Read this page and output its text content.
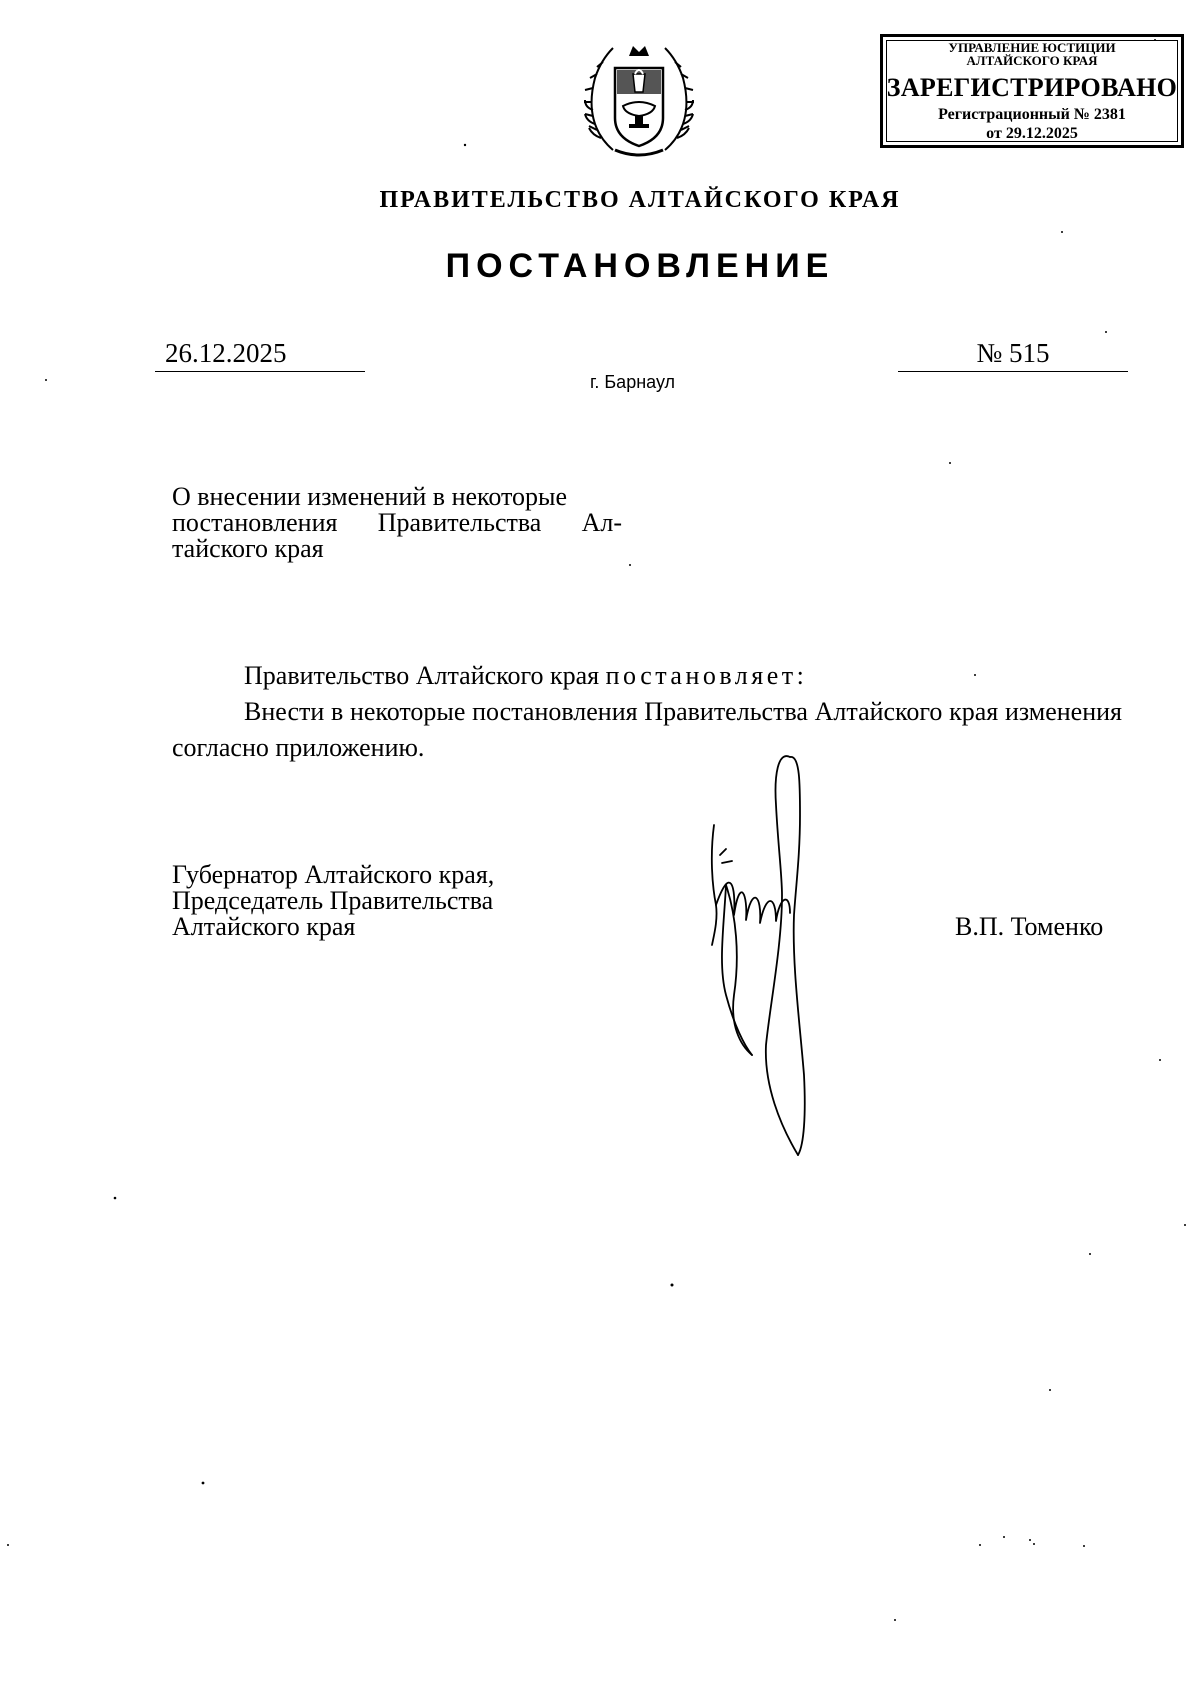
УПРАВЛЕНИЕ ЮСТИЦИИ
АЛТАЙСКОГО КРАЯ
ЗАРЕГИСТРИРОВАНО
Регистрационный № 2381
от 29.12.2025
ПРАВИТЕЛЬСТВО АЛТАЙСКОГО КРАЯ
ПОСТАНОВЛЕНИЕ
26.12.2025	№ 515
г. Барнаул
О внесении изменений в некоторые
постановления Правительства Ал-
тайского края
Правительство Алтайского края постановляет:
Внести в некоторые постановления Правительства Алтайского края изменения согласно приложению.
Губернатор Алтайского края,
Председатель Правительства
Алтайского края	В.П. Томенко
